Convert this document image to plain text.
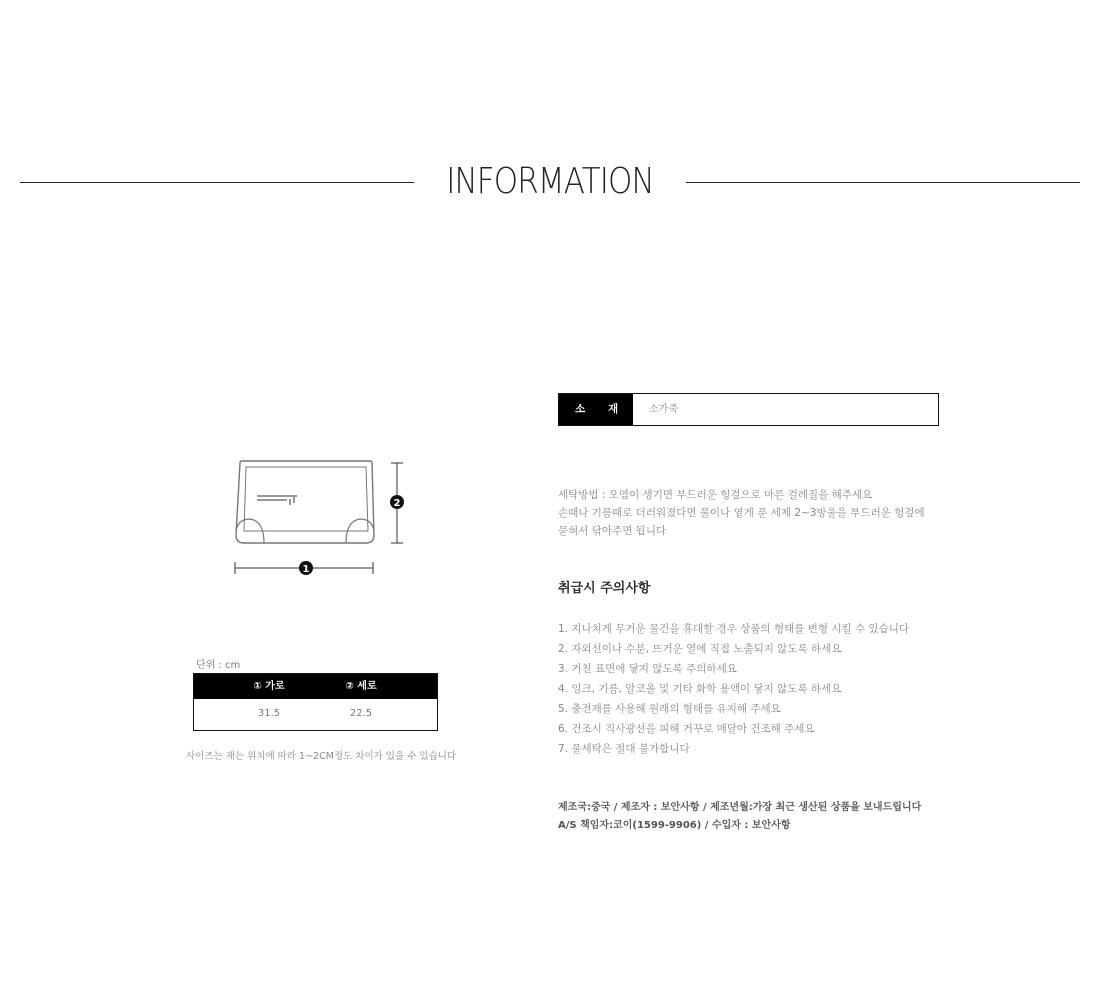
INFORMATION
2
1
단위 : cm
① 가로	② 세로
31.5	22.5
사이즈는 재는 위치에 따라 1~2CM정도 차이가 있을 수 있습니다
소 재	소가죽
세탁방법 : 오염이 생기면 부드러운 헝겊으로 마른 걸레질을 해주세요
손때나 기름때로 더러워졌다면 물이나 옅게 푼 세제 2~3방울을 부드러운 헝겊에
묻혀서 닦아주면 됩니다
취급시 주의사항
1. 지나치게 무거운 물건을 휴대할 경우 상품의 형태를 변형 시킬 수 있습니다
2. 자외선이나 수분, 뜨거운 열에 직접 노출되지 않도록 하세요
3. 거친 표면에 닿지 않도록 주의하세요
4. 잉크, 기름, 알코올 및 기타 화학 용액이 닿지 않도록 하세요
5. 충전재를 사용해 원래의 형태를 유지해 주세요
6. 건조시 직사광선을 피해 거꾸로 매달아 건조해 주세요
7. 물세탁은 절대 불가합니다
제조국:중국 / 제조자 : 보안사항 / 제조년월:가장 최근 생산된 상품을 보내드립니다
A/S 책임자:코이(1599-9906) / 수입자 : 보안사항
